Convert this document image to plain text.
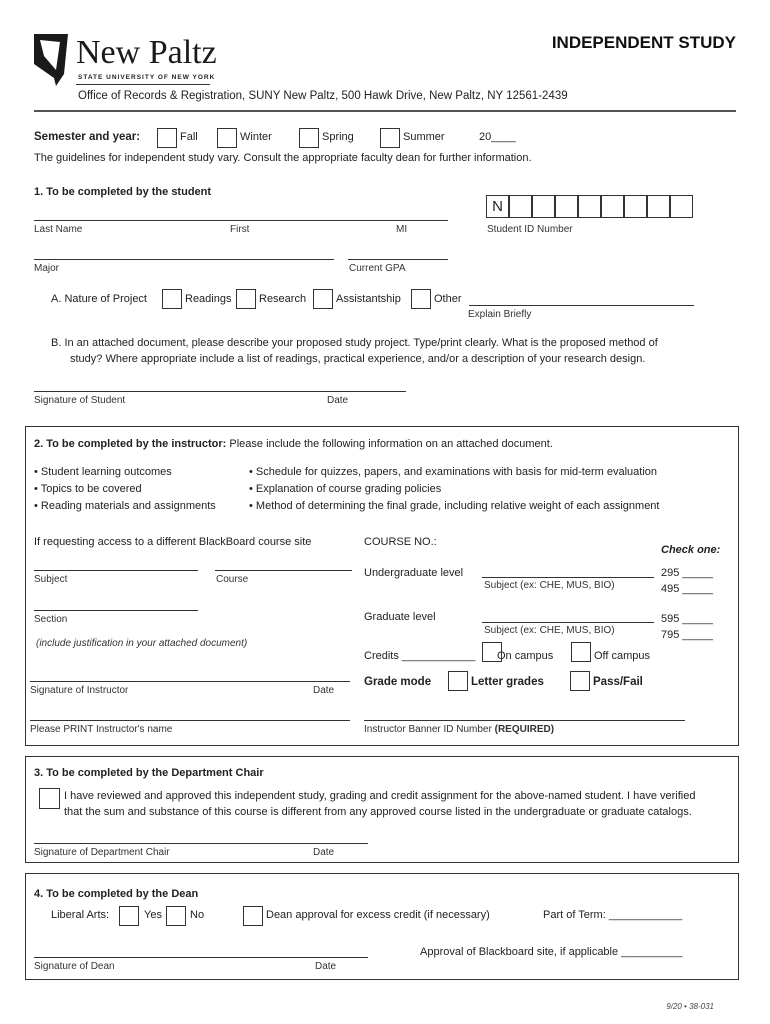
New Paltz
STATE UNIVERSITY OF NEW YORK
INDEPENDENT STUDY
Office of Records & Registration, SUNY New Paltz, 500 Hawk Drive, New Paltz, NY 12561-2439
Semester and year:	Fall	Winter	Spring	Summer	20____
The guidelines for independent study vary. Consult the appropriate faculty dean for further information.
1. To be completed by the student
Last Name	First	MI
N
Student ID Number
Major	Current GPA
A. Nature of Project	Readings	Research	Assistantship	Other
Explain Briefly
B. In an attached document, please describe your proposed study project. Type/print clearly. What is the proposed method of
study? Where appropriate include a list of readings, practical experience, and/or a description of your research design.
Signature of Student	Date
2. To be completed by the instructor: Please include the following information on an attached document.
• Student learning outcomes
• Topics to be covered
• Reading materials and assignments
• Schedule for quizzes, papers, and examinations with basis for mid-term evaluation
• Explanation of course grading policies
• Method of determining the final grade, including relative weight of each assignment
If requesting access to a different BlackBoard course site	COURSE NO.:
Check one:
Subject	Course
Undergraduate level
Subject (ex: CHE, MUS, BIO)
295 _____
495 _____
Section	Graduate level
Subject (ex: CHE, MUS, BIO)
595 _____
795 _____
(include justification in your attached document)
Credits ____________ On campus	Off campus
Signature of Instructor	Date
Grade mode	Letter grades	Pass/Fail
Please PRINT Instructor's name	Instructor Banner ID Number (REQUIRED)
3. To be completed by the Department Chair
I have reviewed and approved this independent study, grading and credit assignment for the above-named student. I have verified
that the sum and substance of this course is different from any approved course listed in the undergraduate or graduate catalogs.
Signature of Department Chair	Date
4. To be completed by the Dean
Liberal Arts:	Yes	No	Dean approval for excess credit (if necessary)	Part of Term: ____________
Approval of Blackboard site, if applicable __________
Signature of Dean	Date
9/20 • 38-031
